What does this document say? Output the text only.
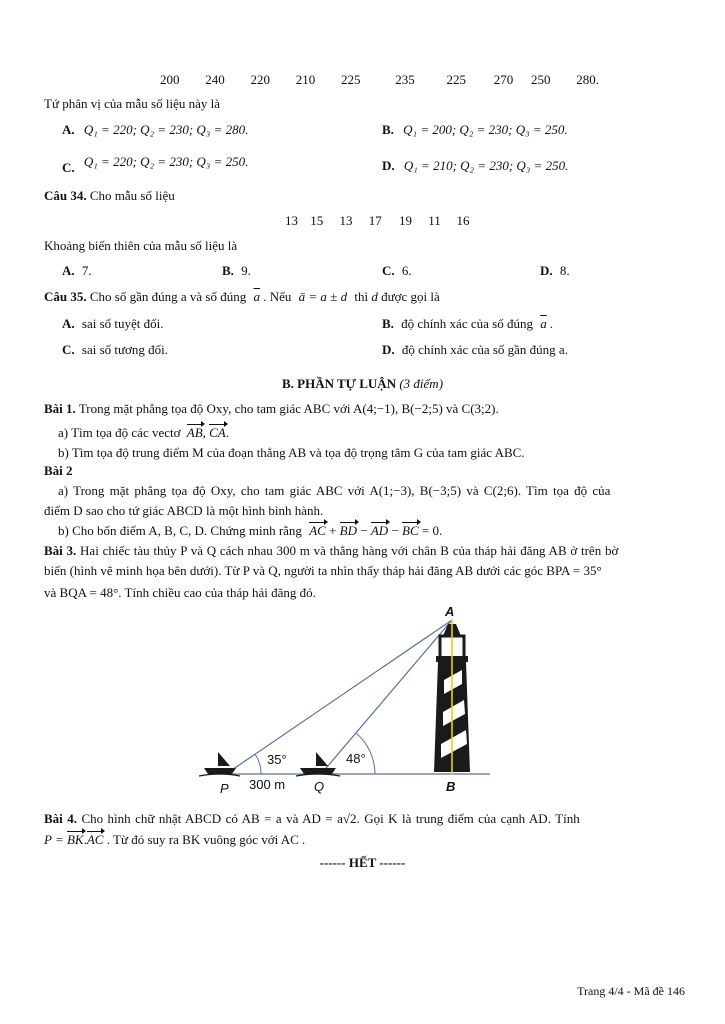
200 240 220 210 225	235 225 270 250 280.
Tứ phân vị của mẫu số liệu này là
A. Q₁ = 220; Q₂ = 230; Q₃ = 280.	B. Q₁ = 200; Q₂ = 230; Q₃ = 250.
C. Q₁ = 220; Q₂ = 230; Q₃ = 250.	D. Q₁ = 210; Q₂ = 230; Q₃ = 250.
Câu 34. Cho mẫu số liệu
13 15 13 17 19 11 16
Khoảng biến thiên của mẫu số liệu là
A. 7.	B. 9.	C. 6.	D. 8.
Câu 35. Cho số gần đúng a và số đúng $\overline{a}$ . Nếu ā = a ± d thì d được gọi là
A. sai số tuyệt đối.	B. độ chính xác của số đúng $\overline{a}$ .
C. sai số tương đối.	D. độ chính xác của số gần đúng a.
B. PHẦN TỰ LUẬN (3 điểm)
Bài 1. Trong mặt phẳng tọa độ Oxy, cho tam giác ABC với A(4;−1), B(−2;5) và C(3;2).
a) Tìm tọa độ các vectơ AB, CA.
b) Tìm tọa độ trung điểm M của đoạn thẳng AB và tọa độ trọng tâm G của tam giác ABC.
Bài 2
a) Trong mặt phẳng tọa độ Oxy, cho tam giác ABC với A(1;−3), B(−3;5) và C(2;6). Tìm tọa độ của
điểm D sao cho tứ giác ABCD là một hình bình hành.
b) Cho bốn điểm A, B, C, D. Chứng minh rằng AC + BD − AD − BC = 0.
Bài 3. Hai chiếc tàu thủy P và Q cách nhau 300 m và thẳng hàng với chân B của tháp hải đăng AB ở trên bờ
biển (hình vẽ minh họa bên dưới). Từ P và Q, người ta nhìn thấy tháp hải đăng AB dưới các góc BPA = 35°
và BQA = 48°. Tính chiều cao của tháp hải đăng đó.
A
B
P	Q
35°	48°
300 m
Bài 4. Cho hình chữ nhật ABCD có AB = a và AD = a√2. Gọi K là trung điểm của cạnh AD. Tính
P = BK.AC . Từ đó suy ra BK vuông góc với AC .
------ HẾT ------
Trang 4/4 - Mã đề 146
